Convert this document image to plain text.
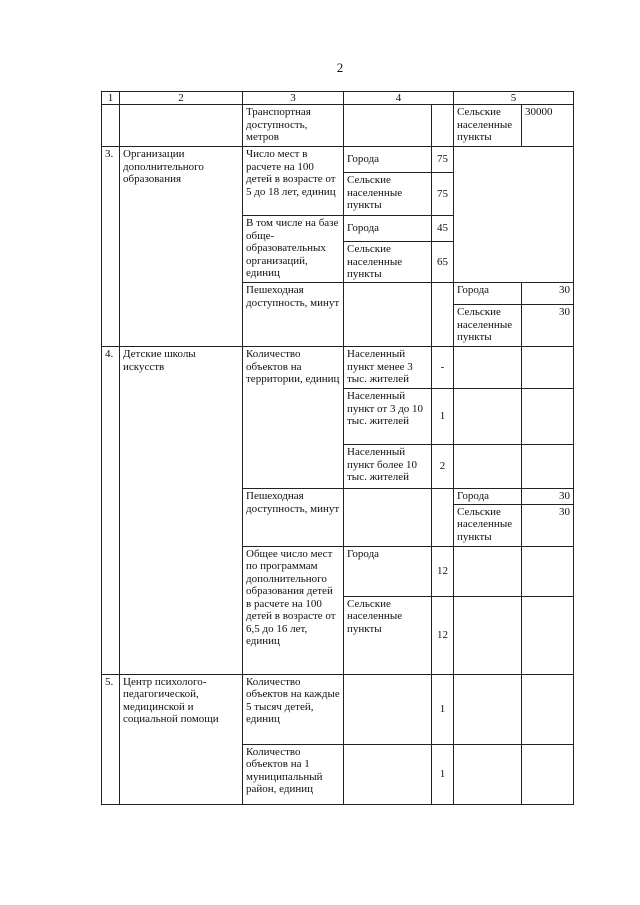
2
1	2	3	4		5	
		Транспортная доступность, метров			Сельские населенные пункты	30000
3.	Организации дополнительного образования	Число мест в расчете на 100 детей в возрасте от 5 до 18 лет, единиц	Города	75		
			Сельские населенные пункты	75		
		В том числе на базе обще-образовательных организаций, единиц	Города	45		
			Сельские населенные пункты	65		
		Пешеходная доступность, минут			Города	30
					Сельские населенные пункты	30
4.	Детские школы искусств	Количество объектов на территории, единиц	Населенный пункт менее 3 тыс. жителей	-		
			Населенный пункт от 3 до 10 тыс. жителей	1		
			Населенный пункт более 10 тыс. жителей	2		
		Пешеходная доступность, минут			Города	30
					Сельские населенные пункты	30
		Общее число мест по программам дополнительного образования детей в расчете на 100 детей в возрасте от 6,5 до 16 лет, единиц	Города	12		
			Сельские населенные пункты	12		
5.	Центр психолого-педагогической, медицинской и социальной помощи	Количество объектов на каждые 5 тысяч детей, единиц		1		
		Количество объектов на 1 муниципальный район, единиц		1		
